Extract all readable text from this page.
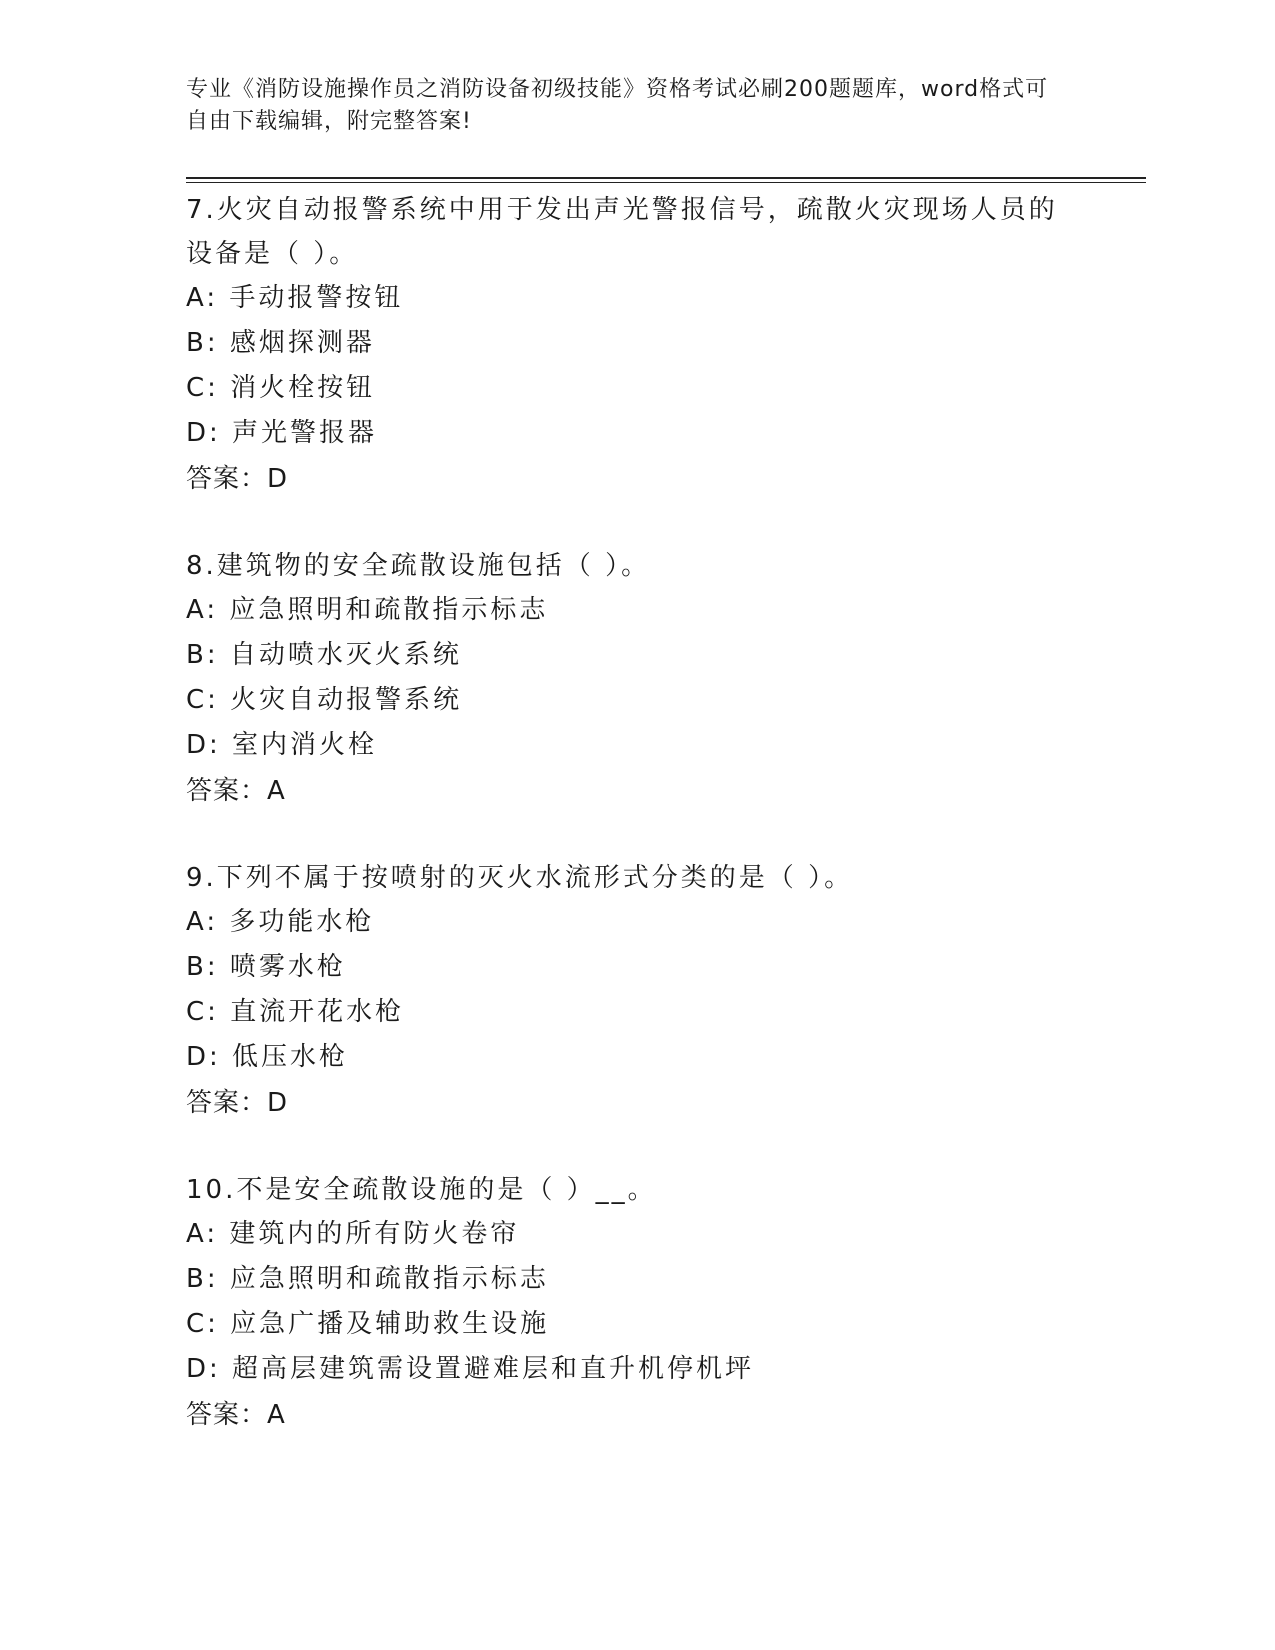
专业《消防设施操作员之消防设备初级技能》资格考试必刷200题题库，word格式可自由下载编辑，附完整答案!

7.火灾自动报警系统中用于发出声光警报信号，疏散火灾现场人员的设备是（ ）。

A: 手动报警按钮

B: 感烟探测器

C: 消火栓按钮

D: 声光警报器

答案：D

8.建筑物的安全疏散设施包括（ ）。

A: 应急照明和疏散指示标志

B: 自动喷水灭火系统

C: 火灾自动报警系统

D: 室内消火栓

答案：A

9.下列不属于按喷射的灭火水流形式分类的是（ ）。

A: 多功能水枪

B: 喷雾水枪

C: 直流开花水枪

D: 低压水枪

答案：D

10.不是安全疏散设施的是（ ）__。

A: 建筑内的所有防火卷帘

B: 应急照明和疏散指示标志

C: 应急广播及辅助救生设施

D: 超高层建筑需设置避难层和直升机停机坪

答案：A
